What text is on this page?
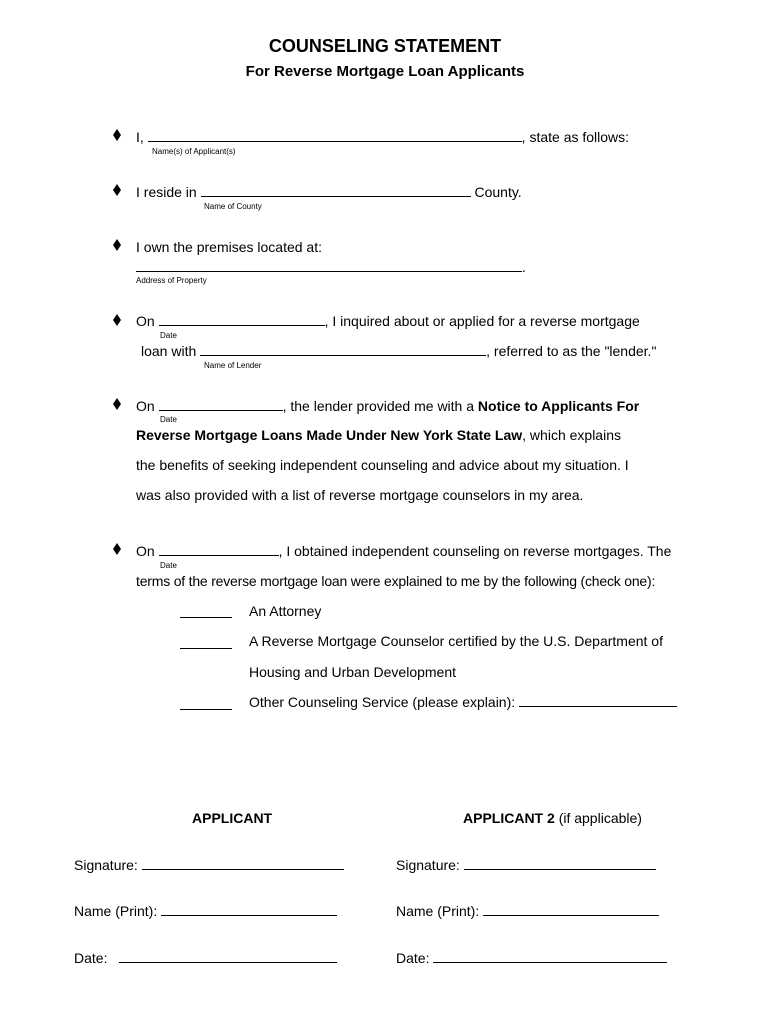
COUNSELING STATEMENT
For Reverse Mortgage Loan Applicants
I,	, state as follows:
Name(s) of Applicant(s)
I reside in	County.
Name of County
I own the premises located at:
.
Address of Property
On	, I inquired about or applied for a reverse mortgage
Date
loan with	, referred to as the "lender."
Name of Lender
On	, the lender provided me with a Notice to Applicants For
Date
Reverse Mortgage Loans Made Under New York State Law, which explains
the benefits of seeking independent counseling and advice about my situation. I
was also provided with a list of reverse mortgage counselors in my area.
On	, I obtained independent counseling on reverse mortgages. The
Date
terms of the reverse mortgage loan were explained to me by the following (check one):
An Attorney
A Reverse Mortgage Counselor certified by the U.S. Department of
Housing and Urban Development
Other Counseling Service (please explain):
APPLICANT	APPLICANT 2 (if applicable)
Signature:	Signature:
Name (Print):	Name (Print):
Date:	Date:
